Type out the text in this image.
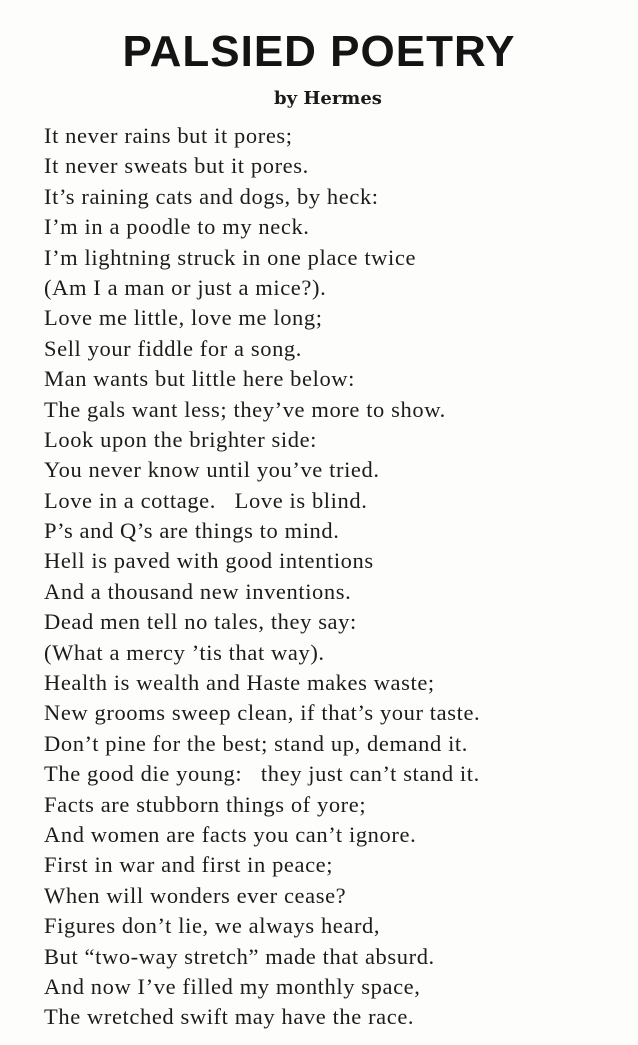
PALSIED POETRY

by Hermes

It never rains but it pores;
It never sweats but it pores.
It’s raining cats and dogs, by heck:
I’m in a poodle to my neck.
I’m lightning struck in one place twice
(Am I a man or just a mice?).
Love me little, love me long;
Sell your fiddle for a song.
Man wants but little here below:
The gals want less; they’ve more to show.
Look upon the brighter side:
You never know until you’ve tried.
Love in a cottage.   Love is blind.
P’s and Q’s are things to mind.
Hell is paved with good intentions
And a thousand new inventions.
Dead men tell no tales, they say:
(What a mercy ’tis that way).
Health is wealth and Haste makes waste;
New grooms sweep clean, if that’s your taste.
Don’t pine for the best; stand up, demand it.
The good die young:   they just can’t stand it.
Facts are stubborn things of yore;
And women are facts you can’t ignore.
First in war and first in peace;
When will wonders ever cease?
Figures don’t lie, we always heard,
But “two-way stretch” made that absurd.
And now I’ve filled my monthly space,
The wretched swift may have the race.
